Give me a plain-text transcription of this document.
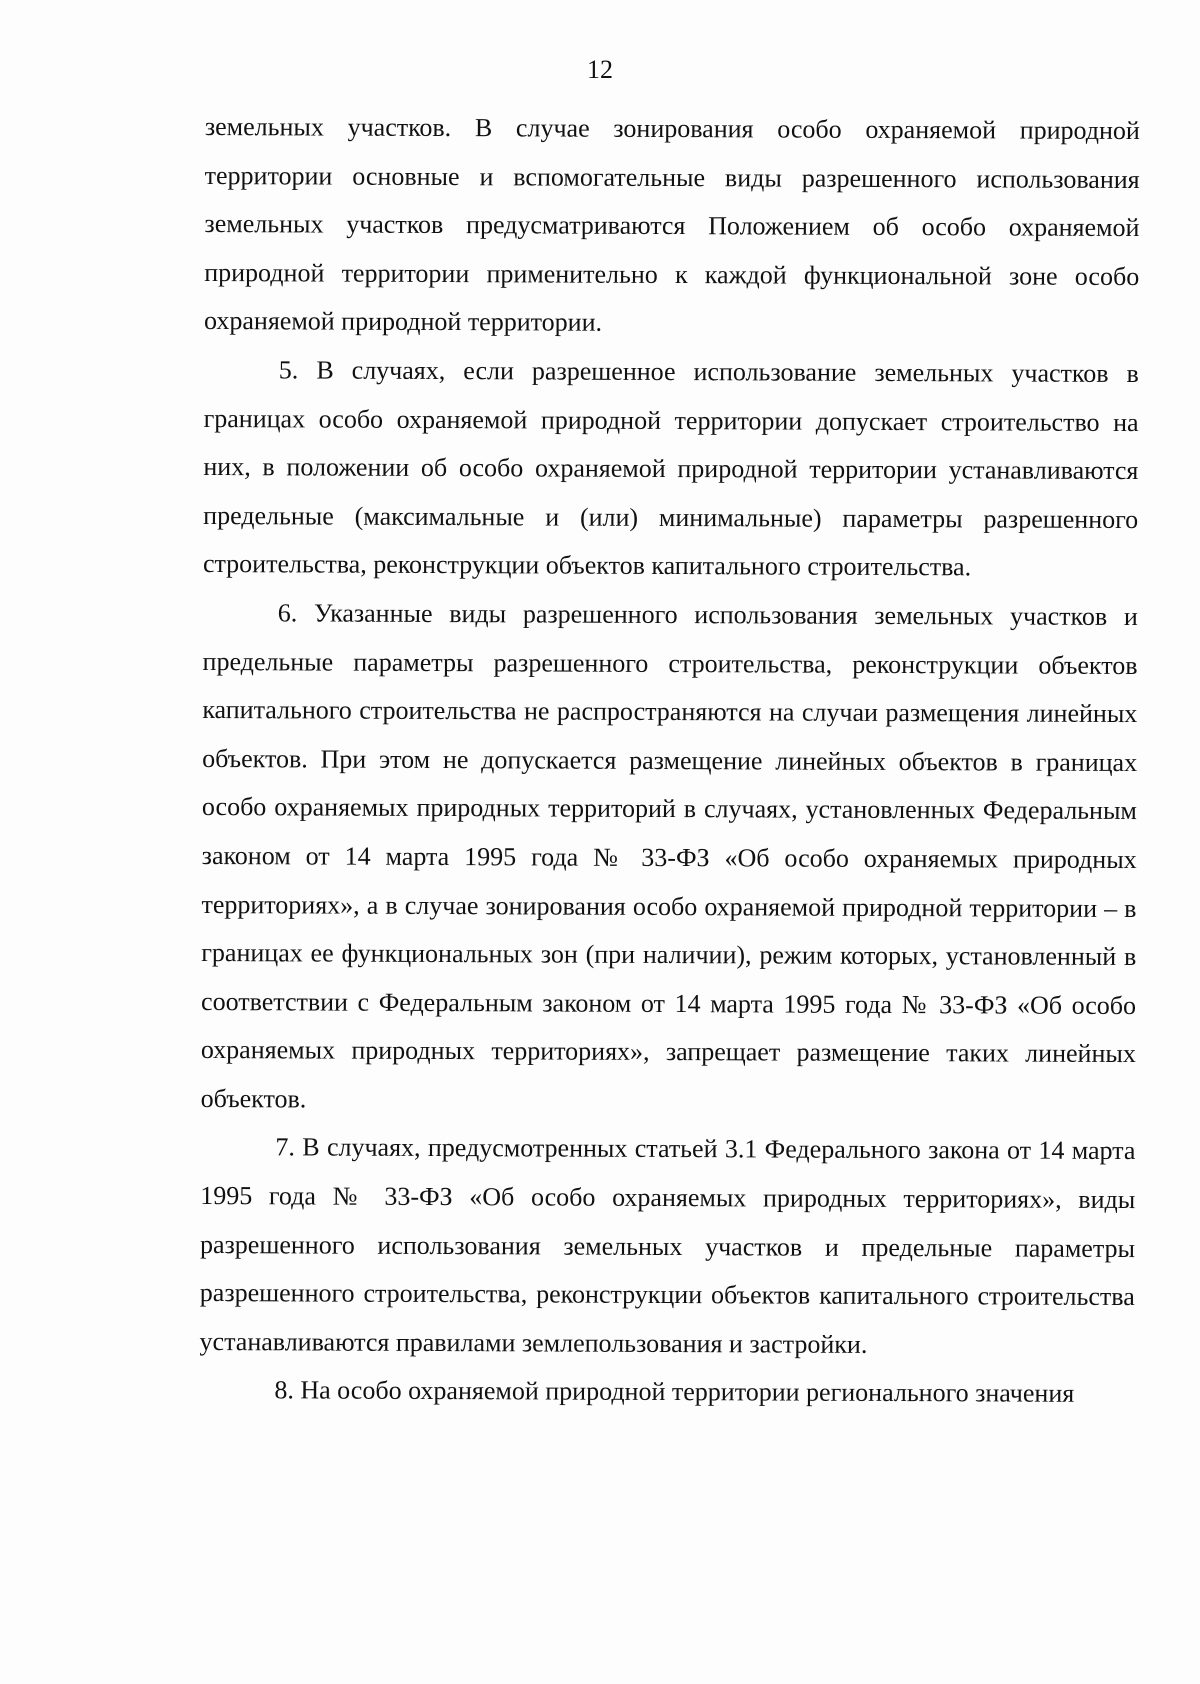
12

земельных участков. В случае зонирования особо охраняемой природной территории основные и вспомогательные виды разрешенного использования земельных участков предусматриваются Положением об особо охраняемой природной территории применительно к каждой функциональной зоне особо охраняемой природной территории.

5. В случаях, если разрешенное использование земельных участков в границах особо охраняемой природной территории допускает строительство на них, в положении об особо охраняемой природной территории устанавливаются предельные (максимальные и (или) минимальные) параметры разрешенного строительства, реконструкции объектов капитального строительства.

6. Указанные виды разрешенного использования земельных участков и предельные параметры разрешенного строительства, реконструкции объектов капитального строительства не распространяются на случаи размещения линейных объектов. При этом не допускается размещение линейных объектов в границах особо охраняемых природных территорий в случаях, установленных Федеральным законом от 14 марта 1995 года № 33-ФЗ «Об особо охраняемых природных территориях», а в случае зонирования особо охраняемой природной территории – в границах ее функциональных зон (при наличии), режим которых, установленный в соответствии с Федеральным законом от 14 марта 1995 года № 33-ФЗ «Об особо охраняемых природных территориях», запрещает размещение таких линейных объектов.

7. В случаях, предусмотренных статьей 3.1 Федерального закона от 14 марта 1995 года № 33-ФЗ «Об особо охраняемых природных территориях», виды разрешенного использования земельных участков и предельные параметры разрешенного строительства, реконструкции объектов капитального строительства устанавливаются правилами землепользования и застройки.

8. На особо охраняемой природной территории регионального значения
